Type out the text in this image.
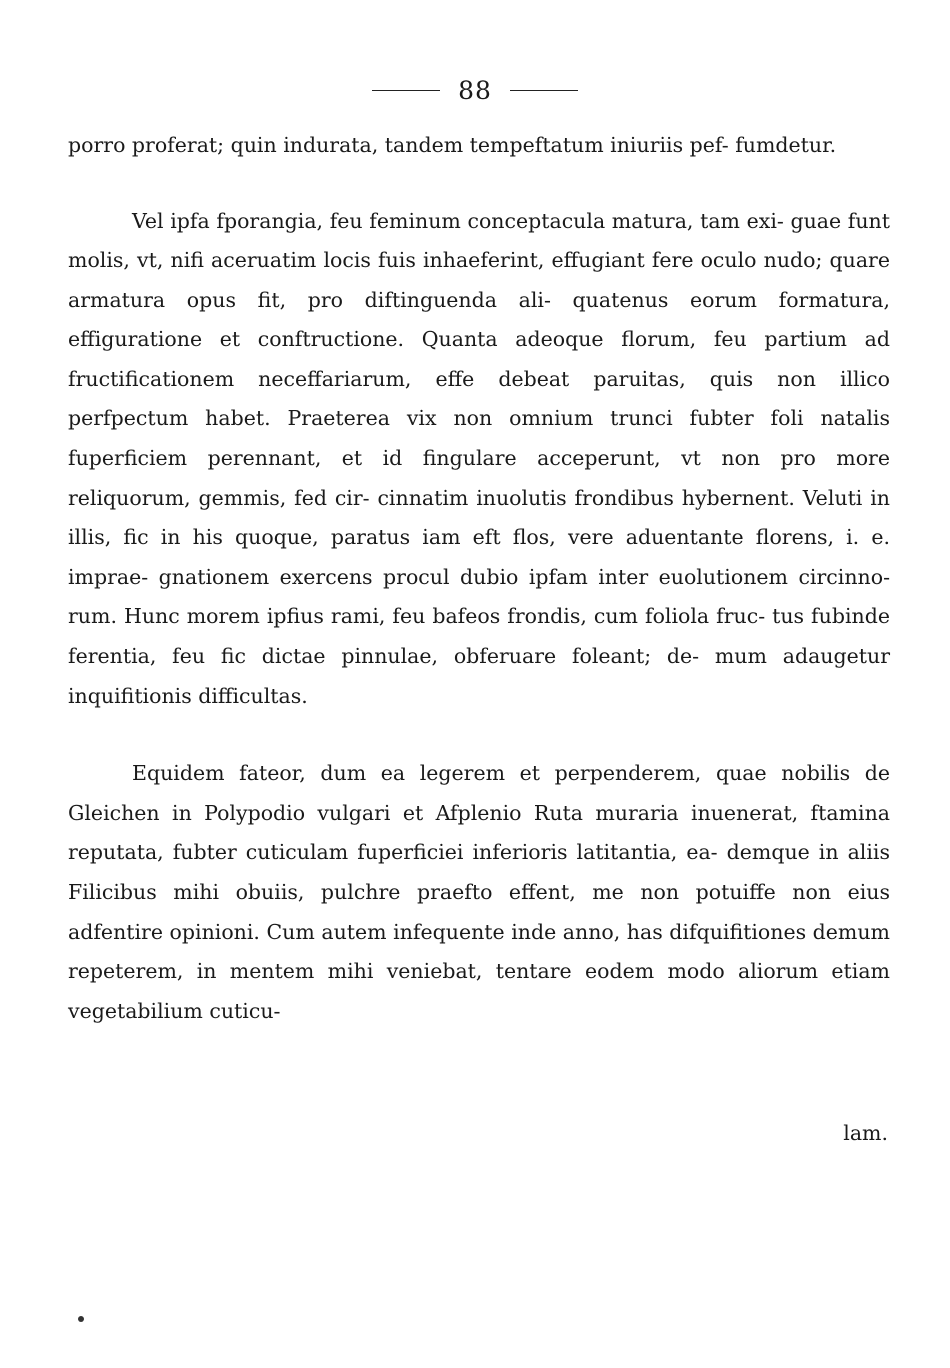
88

porro proferat; quin indurata, tandem tempeftatum iniuriis pef- fumdetur.

Vel ipfa fporangia, feu feminum conceptacula matura, tam exi- guae funt molis, vt, nifi aceruatim locis fuis inhaeferint, effugiant fere oculo nudo; quare armatura opus fit, pro diftinguenda ali- quatenus eorum formatura, effiguratione et conftructione. Quanta adeoque florum, feu partium ad fructificationem neceffariarum, effe debeat paruitas, quis non illico perfpectum habet. Praeterea vix non omnium trunci fubter foli natalis fuperficiem perennant, et id fingulare acceperunt, vt non pro more reliquorum, gemmis, fed cir- cinnatim inuolutis frondibus hybernent. Veluti in illis, fic in his quoque, paratus iam eft flos, vere aduentante florens, i. e. imprae- gnationem exercens procul dubio ipfam inter euolutionem circinno- rum. Hunc morem ipfius rami, feu bafeos frondis, cum foliola fruc- tus fubinde ferentia, feu fic dictae pinnulae, obferuare foleant; de- mum adaugetur inquifitionis difficultas.

Equidem fateor, dum ea legerem et perpenderem, quae nobilis de Gleichen in Polypodio vulgari et Afplenio Ruta muraria inuenerat, ftamina reputata, fubter cuticulam fuperficiei inferioris latitantia, ea- demque in aliis Filicibus mihi obuiis, pulchre praefto effent, me non potuiffe non eius adfentire opinioni. Cum autem infequente inde anno, has difquifitiones demum repeterem, in mentem mihi veniebat, tentare eodem modo aliorum etiam vegetabilium cuticu-

lam.
